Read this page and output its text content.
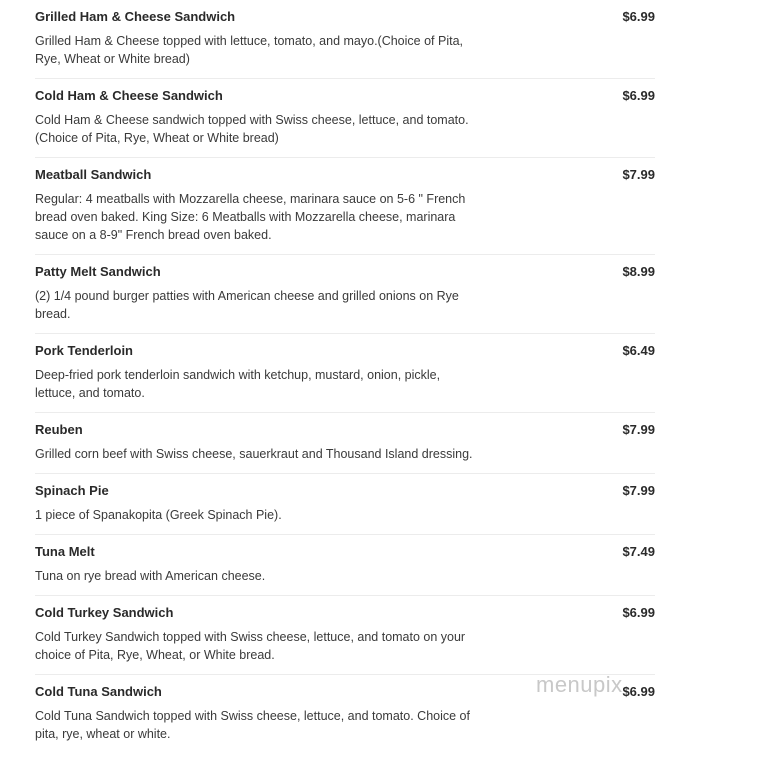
Grilled Ham & Cheese Sandwich	$6.99
Grilled Ham & Cheese topped with lettuce, tomato, and mayo.(Choice of Pita,
Rye, Wheat or White bread)
Cold Ham & Cheese Sandwich	$6.99
Cold Ham & Cheese sandwich topped with Swiss cheese, lettuce, and tomato.
(Choice of Pita, Rye, Wheat or White bread)
Meatball Sandwich	$7.99
Regular: 4 meatballs with Mozzarella cheese, marinara sauce on 5-6 " French
bread oven baked. King Size: 6 Meatballs with Mozzarella cheese, marinara
sauce on a 8-9" French bread oven baked.
Patty Melt Sandwich	$8.99
(2) 1/4 pound burger patties with American cheese and grilled onions on Rye
bread.
Pork Tenderloin	$6.49
Deep-fried pork tenderloin sandwich with ketchup, mustard, onion, pickle,
lettuce, and tomato.
Reuben	$7.99
Grilled corn beef with Swiss cheese, sauerkraut and Thousand Island dressing.
Spinach Pie	$7.99
1 piece of Spanakopita (Greek Spinach Pie).
Tuna Melt	$7.49
Tuna on rye bread with American cheese.
Cold Turkey Sandwich	$6.99
Cold Turkey Sandwich topped with Swiss cheese, lettuce, and tomato on your
choice of Pita, Rye, Wheat, or White bread.
Cold Tuna Sandwich	$6.99
Cold Tuna Sandwich topped with Swiss cheese, lettuce, and tomato. Choice of
pita, rye, wheat or white.
menupix
